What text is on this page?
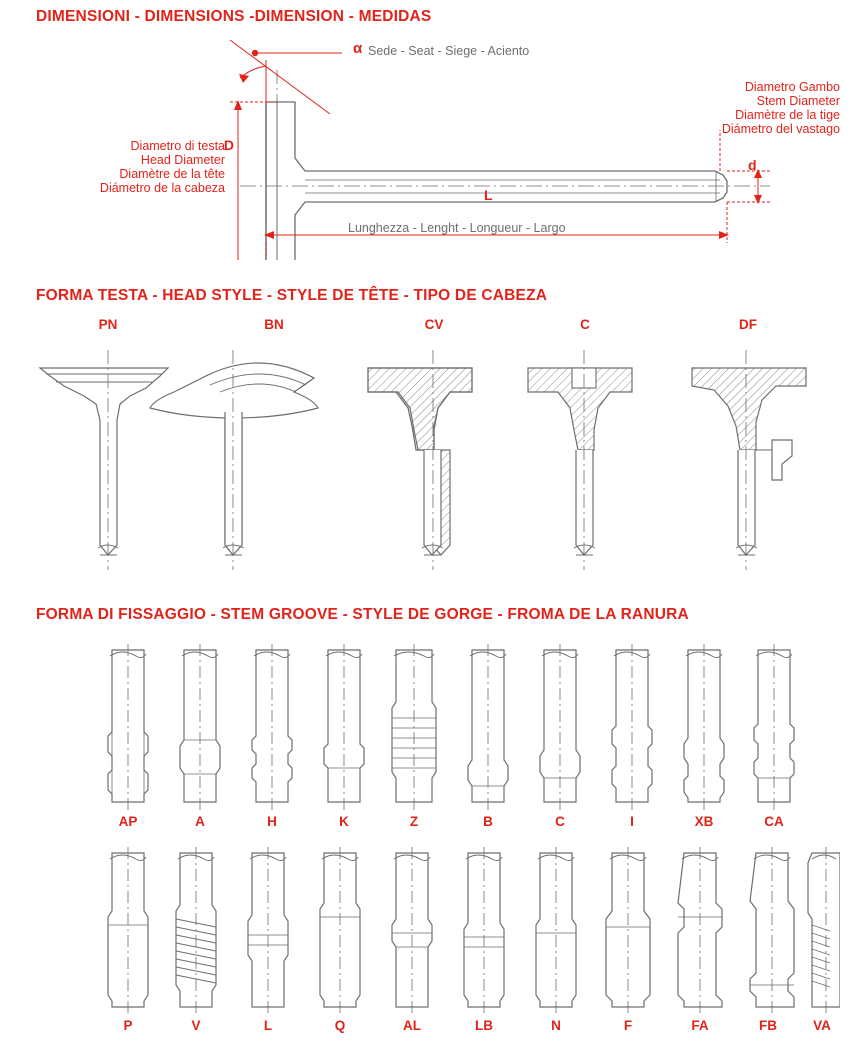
DIMENSIONI - DIMENSIONS -DIMENSION - MEDIDAS
α Sede - Seat - Siege - Aciento
Diametro di testa
Head Diameter
Diamètre de la tête
Diámetro de la cabeza
D
Diametro Gambo
Stem Diameter
Diamètre de la tige
Diámetro del vastago
d
L
Lunghezza - Lenght - Longueur - Largo
FORMA TESTA - HEAD STYLE - STYLE DE TÊTE - TIPO DE CABEZA
PN	BN	CV	C	DF
FORMA DI FISSAGGIO - STEM GROOVE - STYLE DE GORGE - FROMA DE LA RANURA
AP	A	H	K	Z	B	C	I	XB	CA
P	V	L	Q	AL	LB	N	F	FA	FB	VA
